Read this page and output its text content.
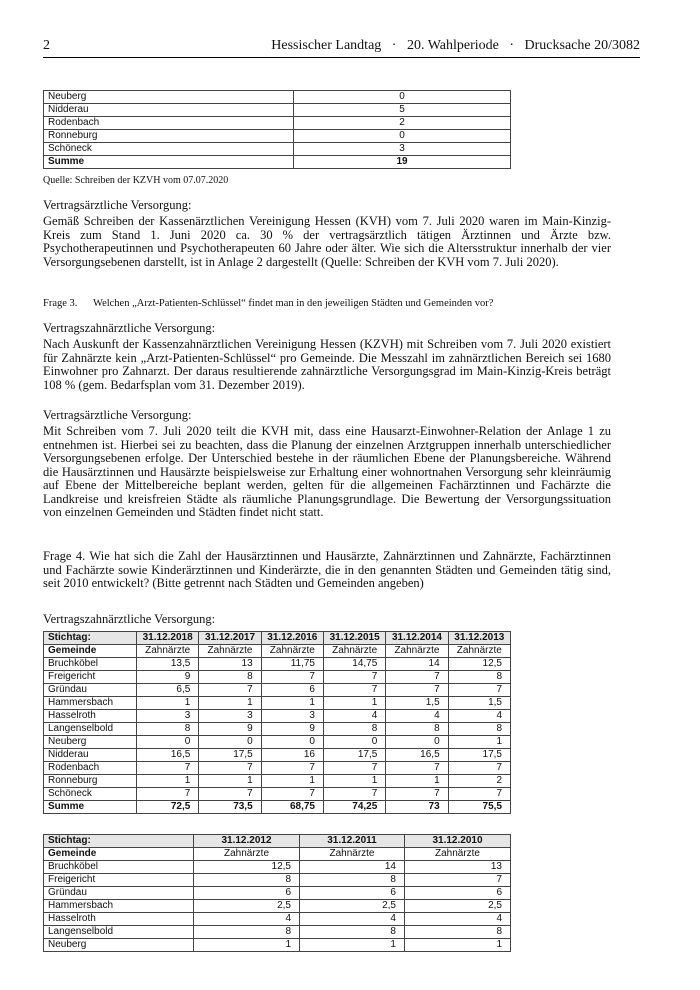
2	Hessischer Landtag   ·   20. Wahlperiode   ·   Drucksache 20/3082
Neuberg	0
Nidderau	5
Rodenbach	2
Ronneburg	0
Schöneck	3
Summe	19
Quelle: Schreiben der KZVH vom 07.07.2020
Vertragsärztliche Versorgung:
Gemäß Schreiben der Kassenärztlichen Vereinigung Hessen (KVH) vom 7. Juli 2020 waren im Main-Kinzig-Kreis zum Stand 1. Juni 2020 ca. 30 % der vertragsärztlich tätigen Ärztinnen und Ärzte bzw. Psychotherapeutinnen und Psychotherapeuten 60 Jahre oder älter. Wie sich die Altersstruktur innerhalb der vier Versorgungsebenen darstellt, ist in Anlage 2 dargestellt (Quelle: Schreiben der KVH vom 7. Juli 2020).
Frage 3. Welchen „Arzt-Patienten-Schlüssel“ findet man in den jeweiligen Städten und Gemeinden vor?
Vertragszahnärztliche Versorgung:
Nach Auskunft der Kassenzahnärztlichen Vereinigung Hessen (KZVH) mit Schreiben vom 7. Juli 2020 existiert für Zahnärzte kein „Arzt-Patienten-Schlüssel“ pro Gemeinde. Die Messzahl im zahnärztlichen Bereich sei 1680 Einwohner pro Zahnarzt. Der daraus resultierende zahnärztliche Versorgungsgrad im Main-Kinzig-Kreis beträgt 108 % (gem. Bedarfsplan vom 31. Dezember 2019).
Vertragsärztliche Versorgung:
Mit Schreiben vom 7. Juli 2020 teilt die KVH mit, dass eine Hausarzt-Einwohner-Relation der Anlage 1 zu entnehmen ist. Hierbei sei zu beachten, dass die Planung der einzelnen Arztgruppen innerhalb unterschiedlicher Versorgungsebenen erfolge. Der Unterschied bestehe in der räumlichen Ebene der Planungsbereiche. Während die Hausärztinnen und Hausärzte beispielsweise zur Erhaltung einer wohnortnahen Versorgung sehr kleinräumig auf Ebene der Mittelbereiche beplant werden, gelten für die allgemeinen Fachärztinnen und Fachärzte die Landkreise und kreisfreien Städte als räumliche Planungsgrundlage. Die Bewertung der Versorgungssituation von einzelnen Gemeinden und Städten findet nicht statt.
Frage 4. Wie hat sich die Zahl der Hausärztinnen und Hausärzte, Zahnärztinnen und Zahnärzte, Fachärztinnen und Fachärzte sowie Kinderärztinnen und Kinderärzte, die in den genannten Städten und Gemeinden tätig sind, seit 2010 entwickelt? (Bitte getrennt nach Städten und Gemeinden angeben)
Vertragszahnärztliche Versorgung:
Stichtag:	31.12.2018	31.12.2017	31.12.2016	31.12.2015	31.12.2014	31.12.2013
Gemeinde	Zahnärzte	Zahnärzte	Zahnärzte	Zahnärzte	Zahnärzte	Zahnärzte
Bruchköbel	13,5	13	11,75	14,75	14	12,5
Freigericht	9	8	7	7	7	8
Gründau	6,5	7	6	7	7	7
Hammersbach	1	1	1	1	1,5	1,5
Hasselroth	3	3	3	4	4	4
Langenselbold	8	9	9	8	8	8
Neuberg	0	0	0	0	0	1
Nidderau	16,5	17,5	16	17,5	16,5	17,5
Rodenbach	7	7	7	7	7	7
Ronneburg	1	1	1	1	1	2
Schöneck	7	7	7	7	7	7
Summe	72,5	73,5	68,75	74,25	73	75,5
Stichtag:	31.12.2012	31.12.2011	31.12.2010
Gemeinde	Zahnärzte	Zahnärzte	Zahnärzte
Bruchköbel	12,5	14	13
Freigericht	8	8	7
Gründau	6	6	6
Hammersbach	2,5	2,5	2,5
Hasselroth	4	4	4
Langenselbold	8	8	8
Neuberg	1	1	1
